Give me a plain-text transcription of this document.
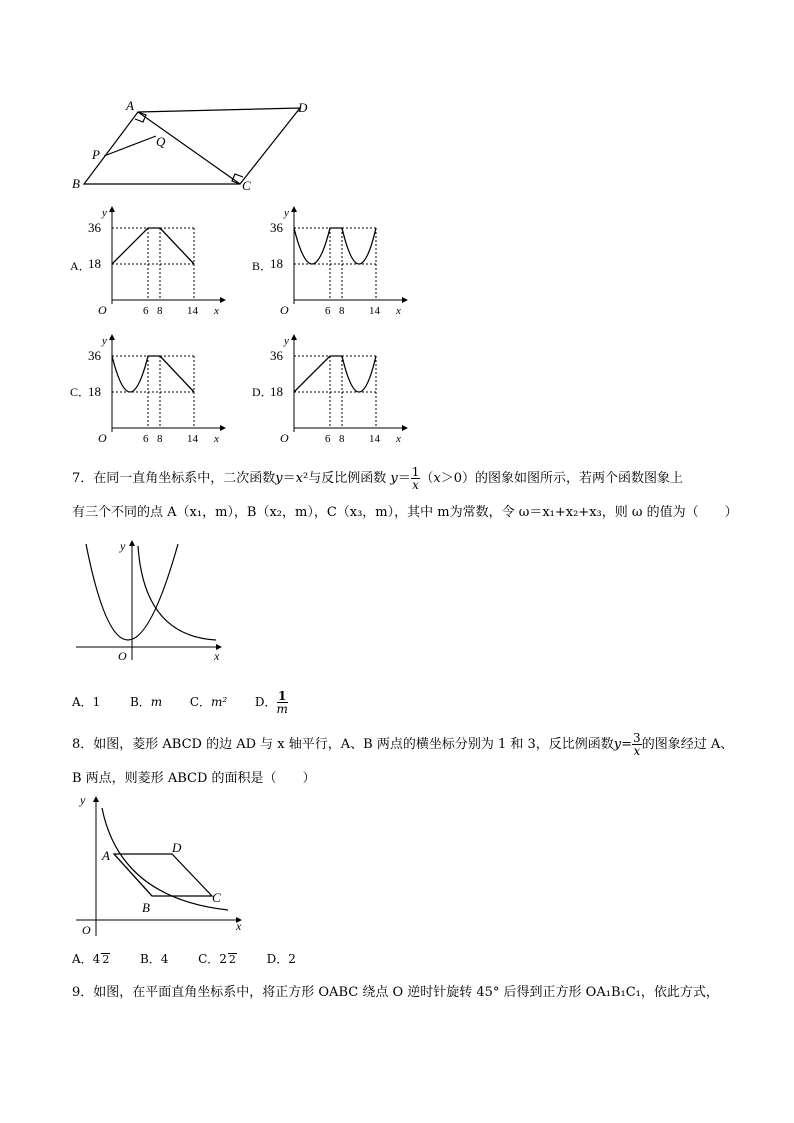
A	D
P
Q
B	C
A．
y
36
18
O	6 8 14 x
B．
y
36
18
O	6 8 14 x
C．
y
36
18
O	6 8 14 x
D．
y
36
18
O	6 8 14 x
7．在同一直角坐标系中，二次函数y＝x²与反比例函数 $y= \frac{1}{x} (x>0)$的图象如图所示，若两个函数图象上
有三个不同的点 A（x₁，m），B（x₂，m），C（x₃，m），其中 m为常数，令 ω＝x₁+x₂+x₃，则 ω 的值为（　　）
y
O	x
A．1 B．m C．m² D． $\frac{1}{m}$
8．如图，菱形 ABCD 的边 AD 与 x 轴平行，A、B 两点的横坐标分别为 1 和 3，反比例函数$y= \frac{3}{x}$ 的图象经过 A、
B 两点，则菱形 ABCD 的面积是（　　）
y
A
D
B
C
O	x
A．4 2	B．4 C．2 2	D．2
9．如图，在平面直角坐标系中，将正方形 OABC 绕点 O 逆时针旋转 45° 后得到正方形 OA₁B₁C₁，依此方式，
